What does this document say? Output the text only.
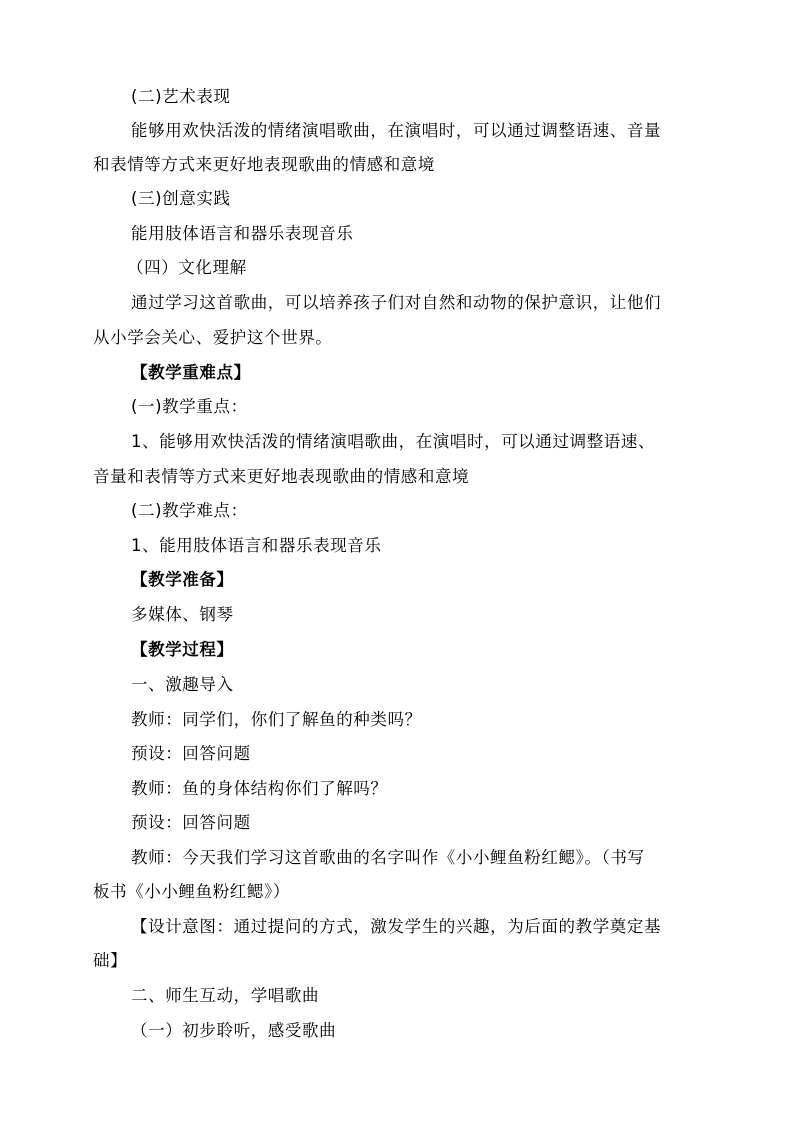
(二)艺术表现
能够用欢快活泼的情绪演唱歌曲，在演唱时，可以通过调整语速、音量
和表情等方式来更好地表现歌曲的情感和意境
(三)创意实践
能用肢体语言和器乐表现音乐
（四）文化理解
通过学习这首歌曲，可以培养孩子们对自然和动物的保护意识，让他们
从小学会关心、爱护这个世界。
【教学重难点】
(一)教学重点：
1、能够用欢快活泼的情绪演唱歌曲，在演唱时，可以通过调整语速、
音量和表情等方式来更好地表现歌曲的情感和意境
(二)教学难点：
1、能用肢体语言和器乐表现音乐
【教学准备】
多媒体、钢琴
【教学过程】
一、激趣导入
教师：同学们，你们了解鱼的种类吗？
预设：回答问题
教师：鱼的身体结构你们了解吗？
预设：回答问题
教师：今天我们学习这首歌曲的名字叫作《小小鲤鱼粉红鳃》。（书写
板书《小小鲤鱼粉红鳃》）
【设计意图：通过提问的方式，激发学生的兴趣，为后面的教学奠定基
础】
二、师生互动，学唱歌曲
（一）初步聆听，感受歌曲
